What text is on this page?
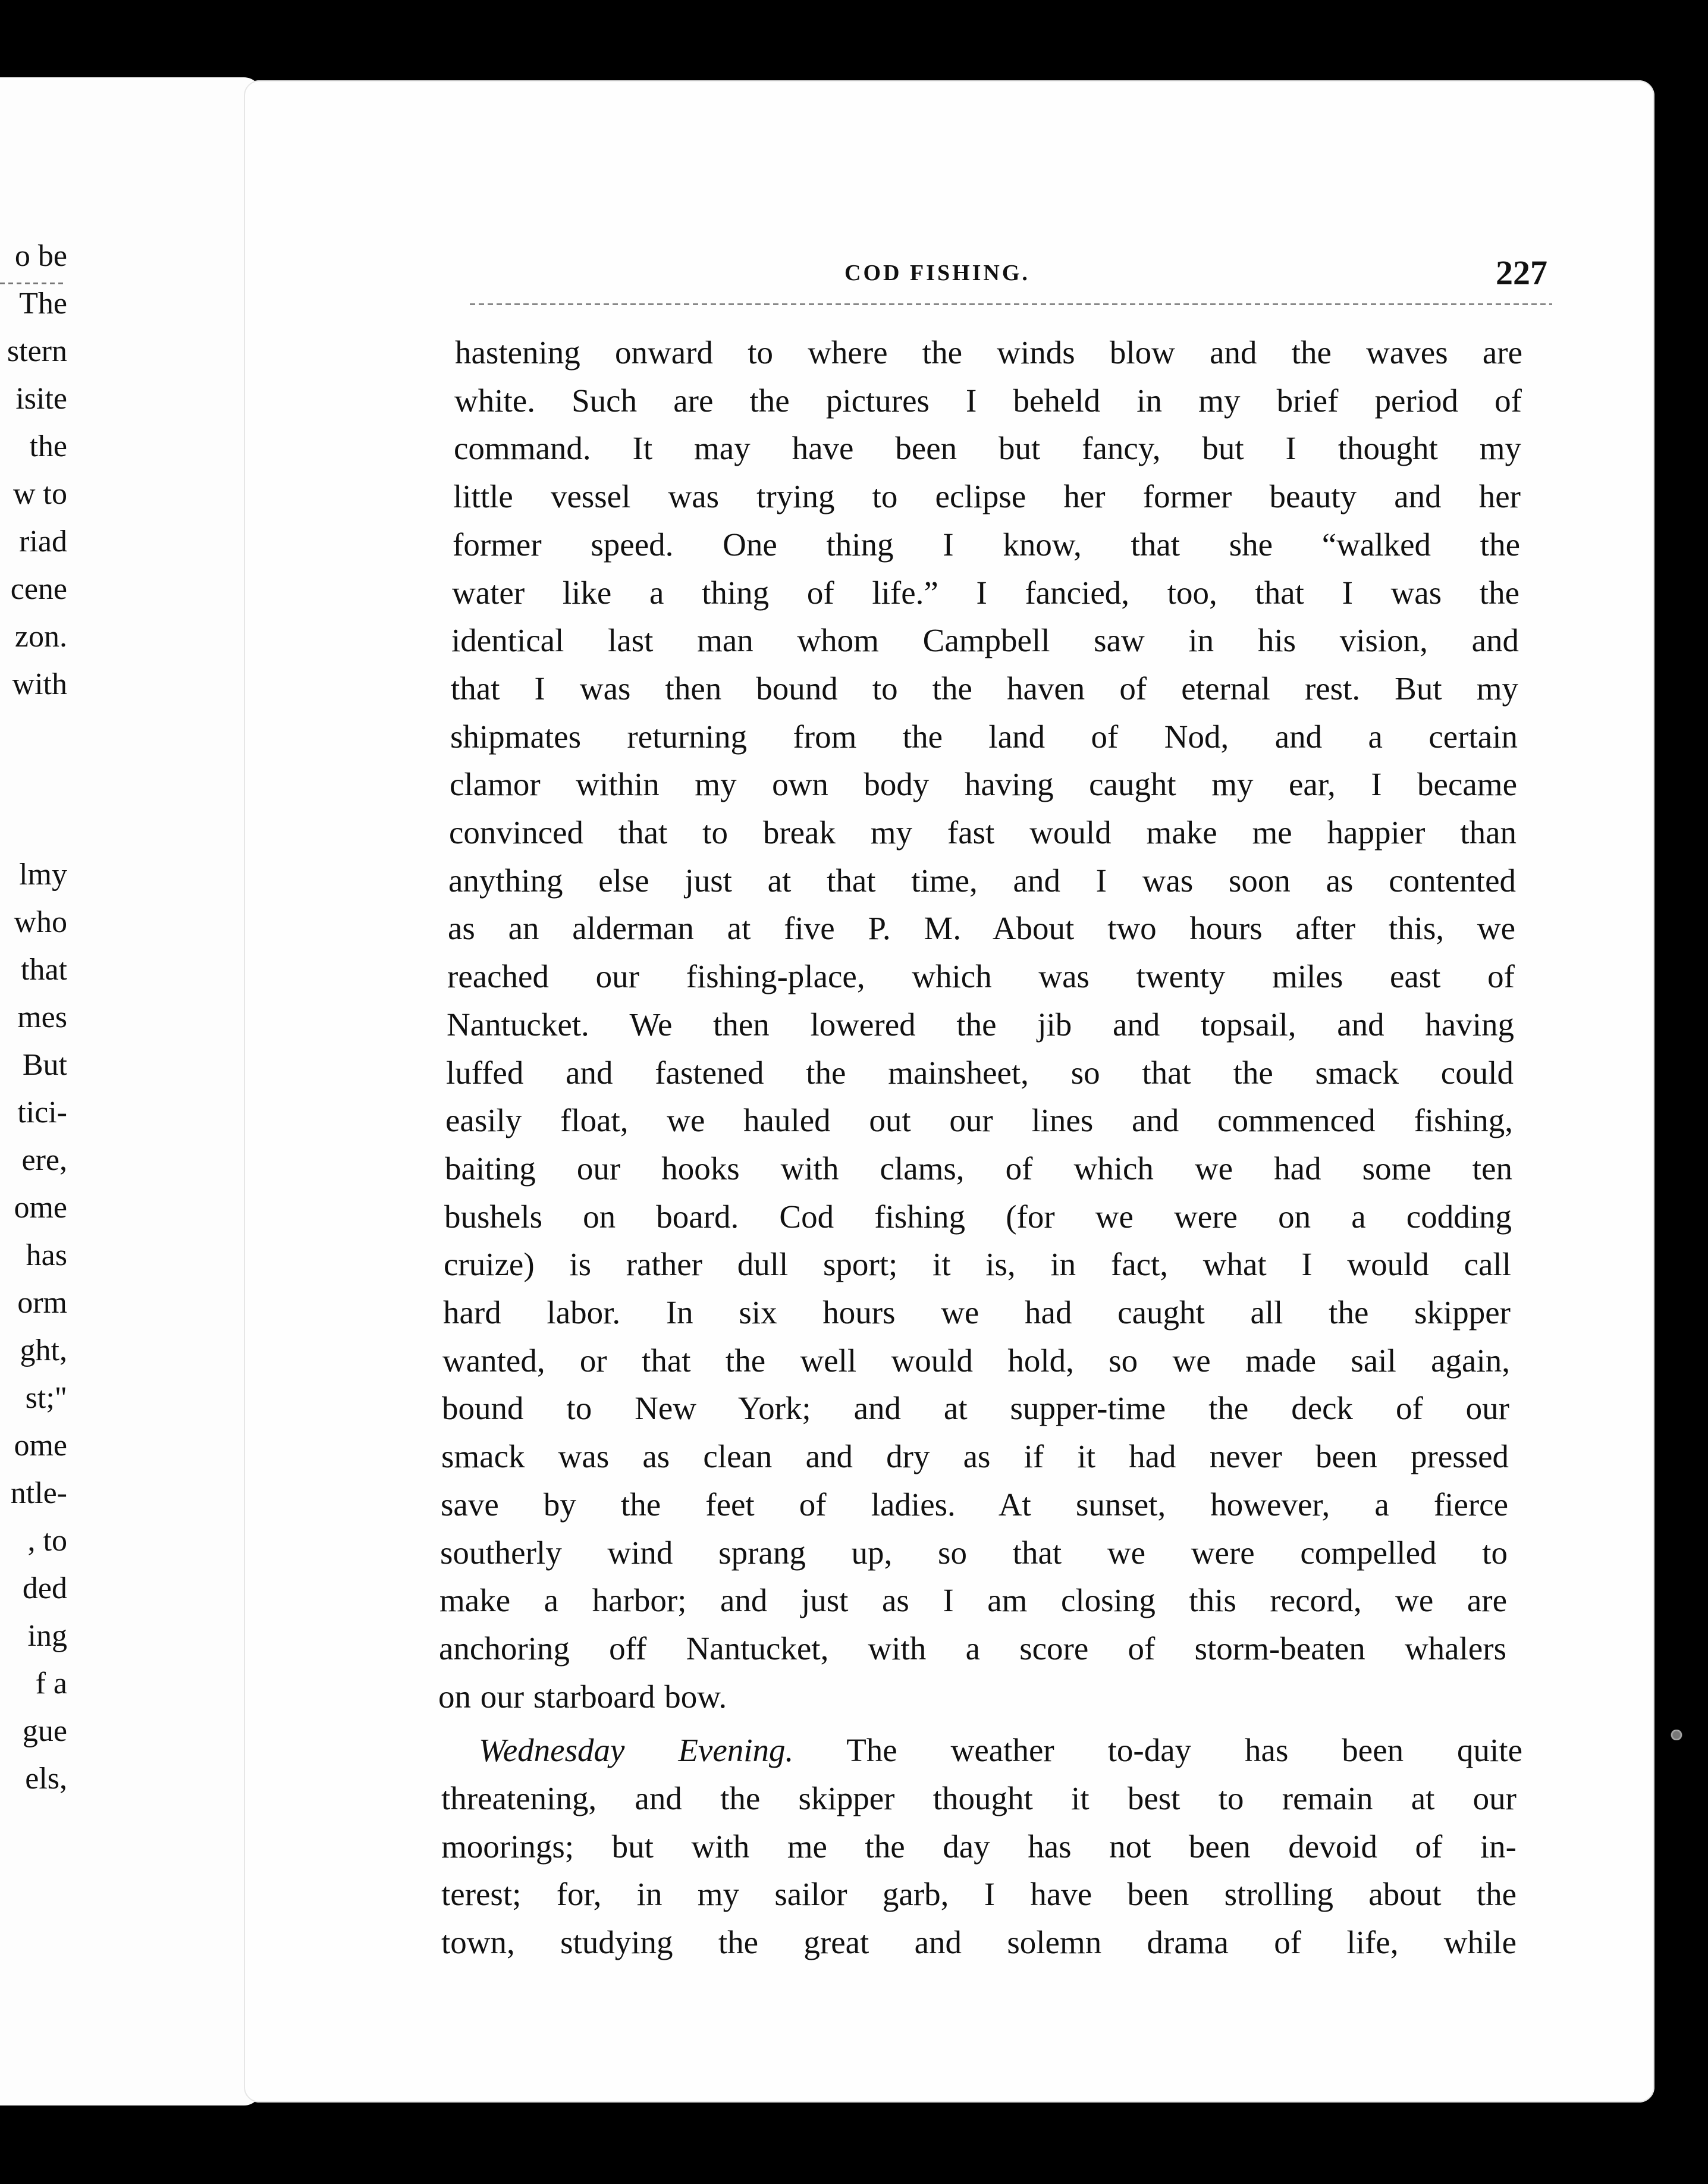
o be
The
stern
isite
the
w to
riad
cene
zon.
with
lmy
who
that
mes
But
tici-
ere,
ome
has
orm
ght,
st;"
ome
ntle-
, to
ded
ing
f a
gue
els,
COD FISHING.	227
hastening onward to where the winds blow and the waves are
white. Such are the pictures I beheld in my brief period of
command. It may have been but fancy, but I thought my
little vessel was trying to eclipse her former beauty and her
former speed. One thing I know, that she “walked the
water like a thing of life.” I fancied, too, that I was the
identical last man whom Campbell saw in his vision, and
that I was then bound to the haven of eternal rest. But my
shipmates returning from the land of Nod, and a certain
clamor within my own body having caught my ear, I became
convinced that to break my fast would make me happier than
anything else just at that time, and I was soon as contented
as an alderman at five P. M. About two hours after this, we
reached our fishing-place, which was twenty miles east of
Nantucket. We then lowered the jib and topsail, and having
luffed and fastened the mainsheet, so that the smack could
easily float, we hauled out our lines and commenced fishing,
baiting our hooks with clams, of which we had some ten
bushels on board. Cod fishing (for we were on a codding
cruize) is rather dull sport; it is, in fact, what I would call
hard labor. In six hours we had caught all the skipper
wanted, or that the well would hold, so we made sail again,
bound to New York; and at supper-time the deck of our
smack was as clean and dry as if it had never been pressed
save by the feet of ladies. At sunset, however, a fierce
southerly wind sprang up, so that we were compelled to
make a harbor; and just as I am closing this record, we are
anchoring off Nantucket, with a score of storm-beaten whalers
on our starboard bow.
Wednesday Evening. The weather to-day has been quite
threatening, and the skipper thought it best to remain at our
moorings; but with me the day has not been devoid of in-
terest; for, in my sailor garb, I have been strolling about the
town, studying the great and solemn drama of life, while
